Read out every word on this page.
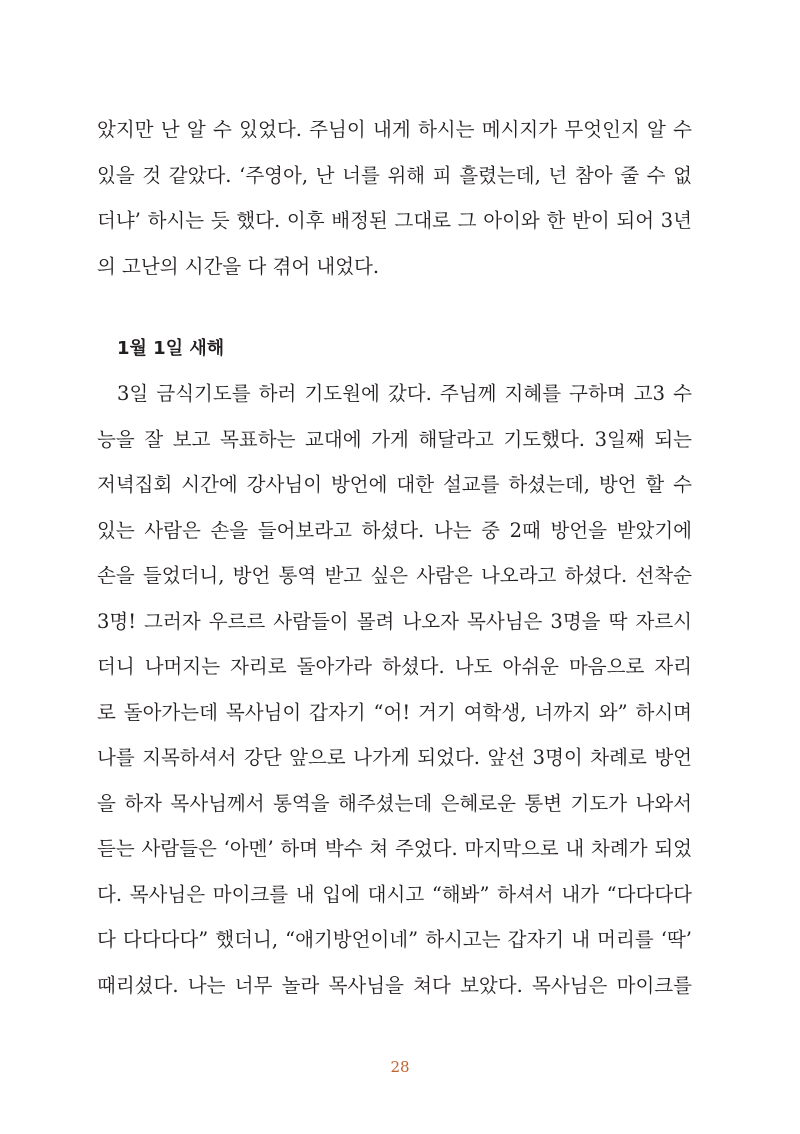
았지만 난 알 수 있었다. 주님이 내게 하시는 메시지가 무엇인지 알 수
있을 것 같았다. ‘주영아, 난 너를 위해 피 흘렸는데, 넌 참아 줄 수 없
더냐’ 하시는 듯 했다. 이후 배정된 그대로 그 아이와 한 반이 되어 3년
의 고난의 시간을 다 겪어 내었다.
1월 1일 새해
3일 금식기도를 하러 기도원에 갔다. 주님께 지혜를 구하며 고3 수
능을 잘 보고 목표하는 교대에 가게 해달라고 기도했다. 3일째 되는
저녁집회 시간에 강사님이 방언에 대한 설교를 하셨는데, 방언 할 수
있는 사람은 손을 들어보라고 하셨다. 나는 중 2때 방언을 받았기에
손을 들었더니, 방언 통역 받고 싶은 사람은 나오라고 하셨다. 선착순
3명! 그러자 우르르 사람들이 몰려 나오자 목사님은 3명을 딱 자르시
더니 나머지는 자리로 돌아가라 하셨다. 나도 아쉬운 마음으로 자리
로 돌아가는데 목사님이 갑자기 “어! 거기 여학생, 너까지 와” 하시며
나를 지목하셔서 강단 앞으로 나가게 되었다. 앞선 3명이 차례로 방언
을 하자 목사님께서 통역을 해주셨는데 은혜로운 통변 기도가 나와서
듣는 사람들은 ‘아멘’ 하며 박수 쳐 주었다. 마지막으로 내 차례가 되었
다. 목사님은 마이크를 내 입에 대시고 “해봐” 하셔서 내가 “다다다다
다 다다다다” 했더니, “애기방언이네” 하시고는 갑자기 내 머리를 ‘딱’
때리셨다. 나는 너무 놀라 목사님을 쳐다 보았다. 목사님은 마이크를
28
